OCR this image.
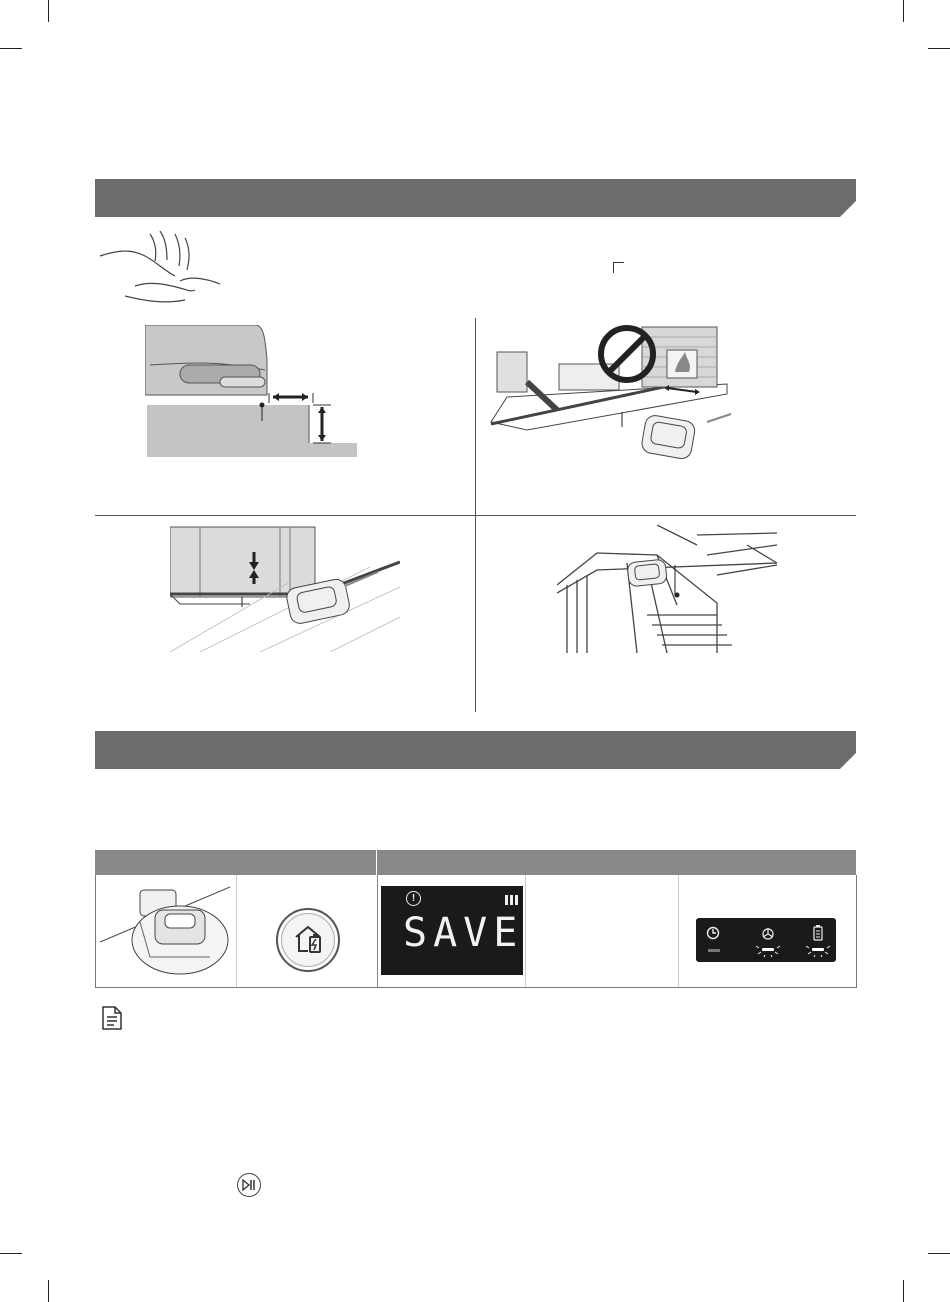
!
SAVE
